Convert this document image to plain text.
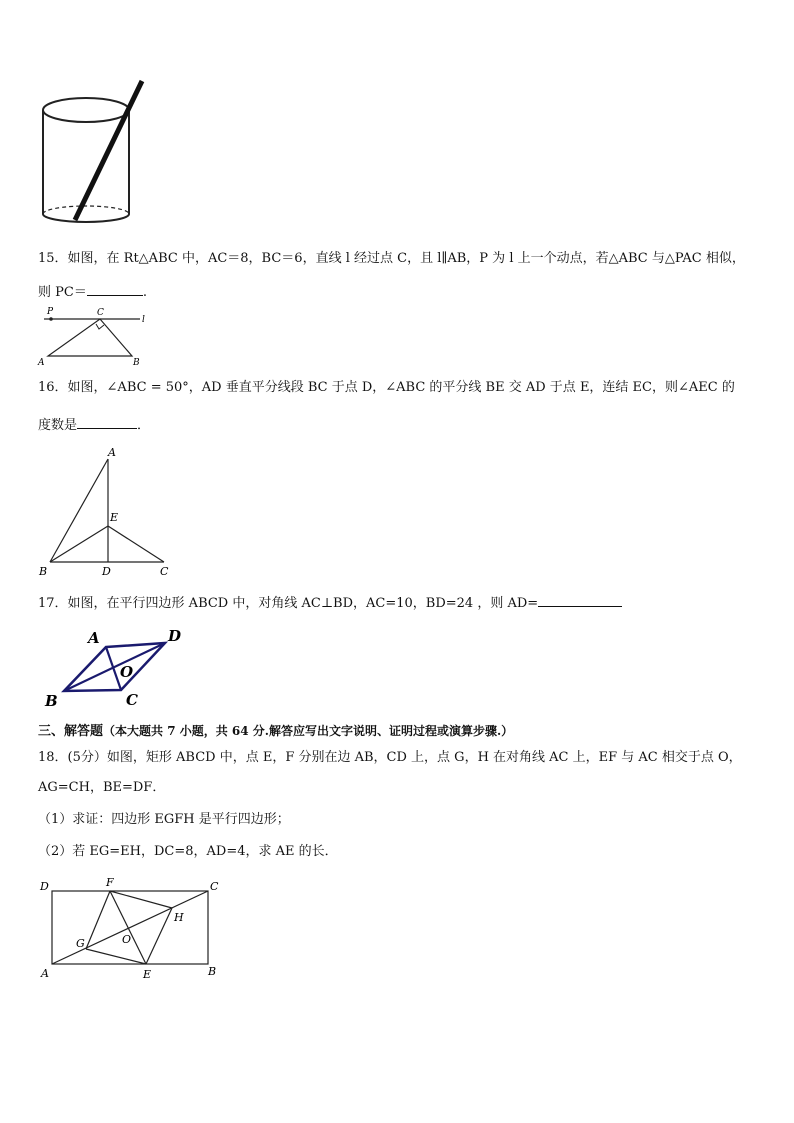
15．如图，在 Rt△ABC 中，AC＝8，BC＝6，直线 l 经过点 C，且 l∥AB，P 为 l 上一个动点，若△ABC 与△PAC 相似，
则 PC＝	.
P	C
l
A	B
16．如图，∠ABC = 50°，AD 垂直平分线段 BC 于点 D，∠ABC 的平分线 BE 交 AD 于点 E，连结 EC，则∠AEC 的
度数是	．
A
E
B	D	C
17．如图，在平行四边形 ABCD 中，对角线 AC⊥BD，AC=10，BD=24 ，则 AD=
A	D
O
B	C
三、解答题（本大题共 7 小题，共 64 分.解答应写出文字说明、证明过程或演算步骤.）
18．(5分）如图，矩形 ABCD 中，点 E，F 分别在边 AB，CD 上，点 G，H 在对角线 AC 上，EF 与 AC 相交于点 O，
AG=CH，BE=DF．
（1）求证：四边形 EGFH 是平行四边形；
（2）若 EG=EH，DC=8，AD=4，求 AE 的长．
D	F	C
H
G	O
A	E	B
